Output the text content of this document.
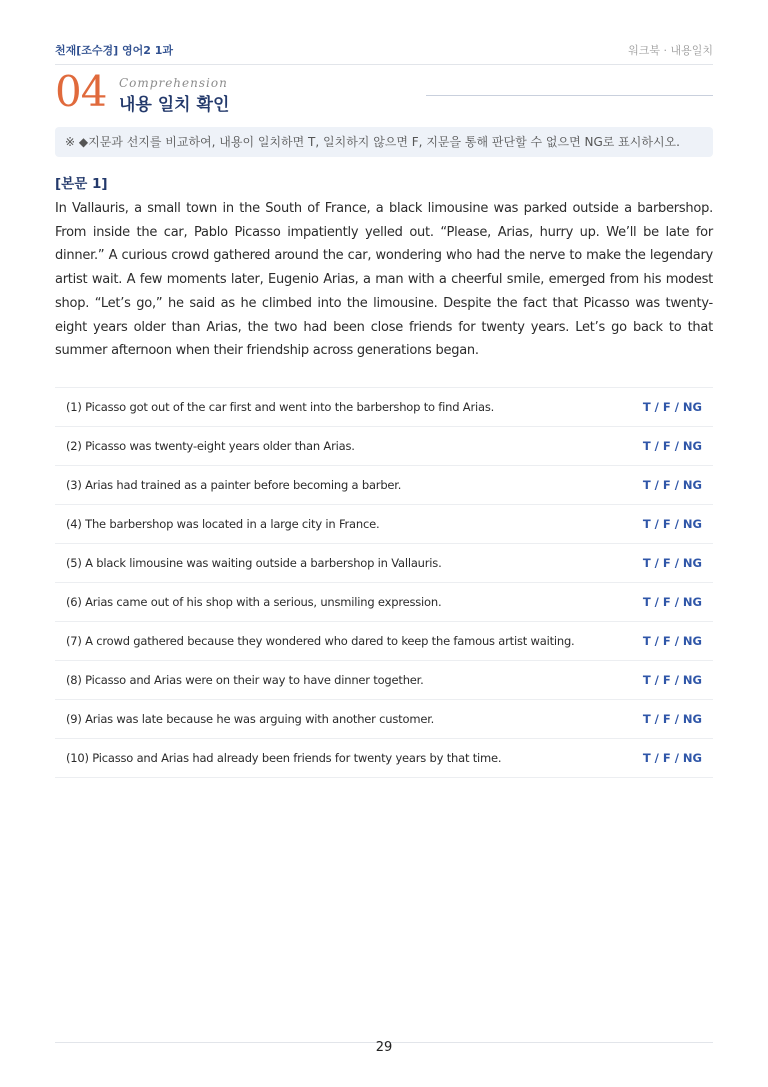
천재[조수경] 영어2 1과	워크북 · 내용일치
04 Comprehension
내용 일치 확인
※ ◆지문과 선지를 비교하여, 내용이 일치하면 T, 일치하지 않으면 F, 지문을 통해 판단할 수 없으면 NG로 표시하시오.
[본문 1]

In Vallauris, a small town in the South of France, a black limousine was parked outside a barbershop. From inside the car, Pablo Picasso impatiently yelled out. “Please, Arias, hurry up. We’ll be late for dinner.” A curious crowd gathered around the car, wondering who had the nerve to make the legendary artist wait. A few moments later, Eugenio Arias, a man with a cheerful smile, emerged from his modest shop. “Let’s go,” he said as he climbed into the limousine. Despite the fact that Picasso was twenty-eight years older than Arias, the two had been close friends for twenty years. Let’s go back to that summer afternoon when their friendship across generations began.

(1) Picasso got out of the car first and went into the barbershop to find Arias.	T / F / NG
(2) Picasso was twenty-eight years older than Arias.	T / F / NG
(3) Arias had trained as a painter before becoming a barber.	T / F / NG
(4) The barbershop was located in a large city in France.	T / F / NG
(5) A black limousine was waiting outside a barbershop in Vallauris.	T / F / NG
(6) Arias came out of his shop with a serious, unsmiling expression.	T / F / NG
(7) A crowd gathered because they wondered who dared to keep the famous artist waiting.	T / F / NG
(8) Picasso and Arias were on their way to have dinner together.	T / F / NG
(9) Arias was late because he was arguing with another customer.	T / F / NG
(10) Picasso and Arias had already been friends for twenty years by that time.	T / F / NG
29
